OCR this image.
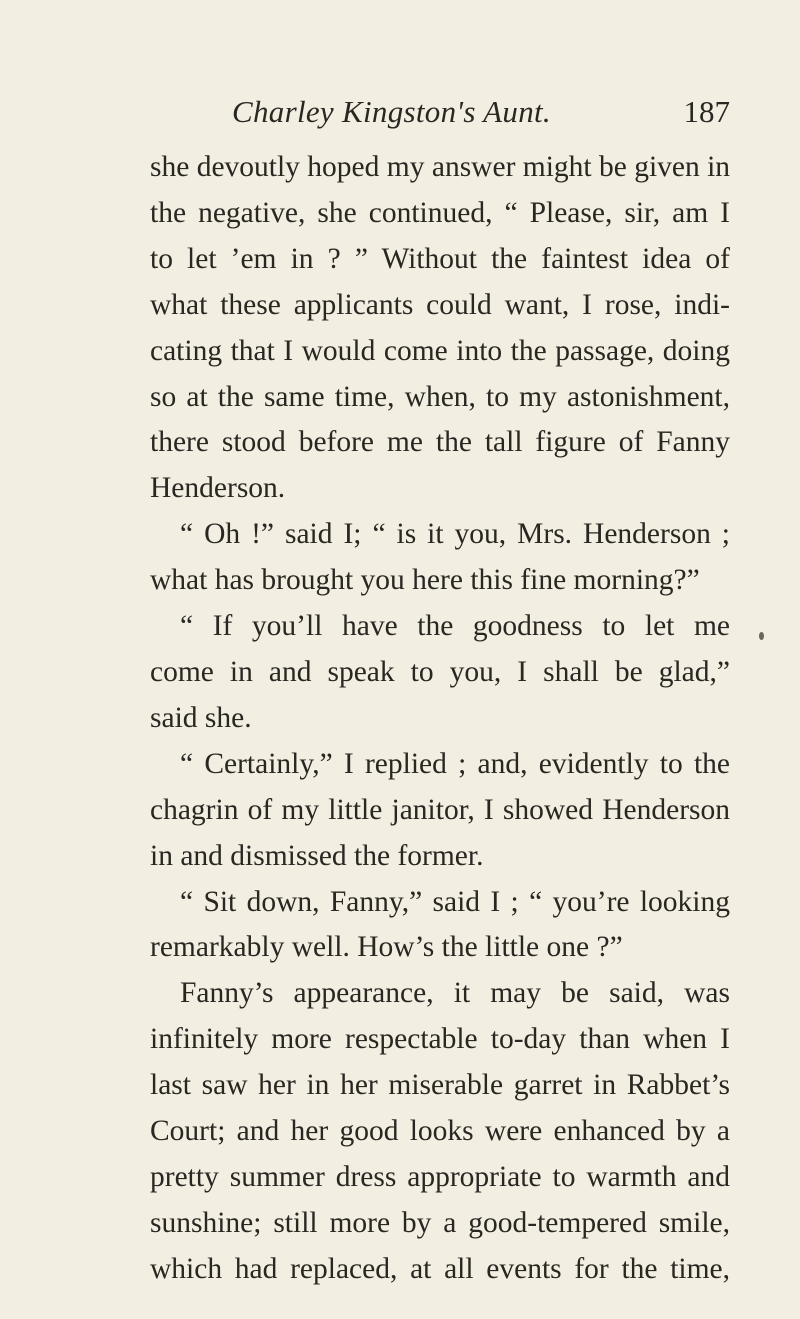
Charley Kingston's Aunt.	187
she devoutly hoped my answer might be given in
the negative, she continued, “ Please, sir, am I
to let ’em in ? ” Without the faintest idea of
what these applicants could want, I rose, indi-
cating that I would come into the passage, doing
so at the same time, when, to my astonishment,
there stood before me the tall figure of Fanny
Henderson.
“ Oh !” said I; “ is it you, Mrs. Henderson ;
what has brought you here this fine morning?”
“ If you’ll have the goodness to let me
come in and speak to you, I shall be glad,”
said she.
“ Certainly,” I replied ; and, evidently to the
chagrin of my little janitor, I showed Henderson
in and dismissed the former.
“ Sit down, Fanny,” said I ; “ you’re looking
remarkably well. How’s the little one ?”
Fanny’s appearance, it may be said, was
infinitely more respectable to-day than when I
last saw her in her miserable garret in Rabbet’s
Court; and her good looks were enhanced by a
pretty summer dress appropriate to warmth and
sunshine; still more by a good-tempered smile,
which had replaced, at all events for the time,
